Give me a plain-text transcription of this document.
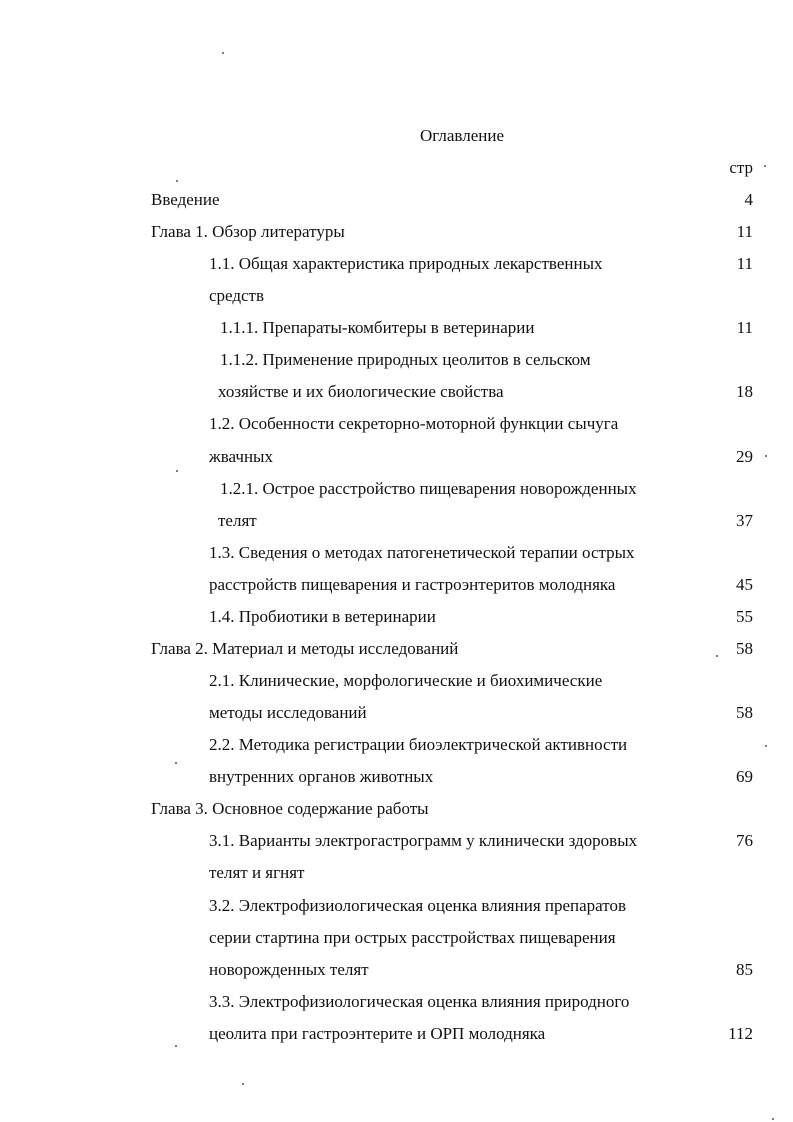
Оглавление
стр
Введение	4
Глава 1. Обзор литературы	11
1.1. Общая характеристика природных лекарственных	11
средств
1.1.1. Препараты-комбитеры в ветеринарии	11
1.1.2. Применение природных цеолитов в сельском
хозяйстве и их биологические свойства	18
1.2. Особенности секреторно-моторной функции сычуга
жвачных	29
1.2.1. Острое расстройство пищеварения новорожденных
телят	37
1.3. Сведения о методах патогенетической терапии острых
расстройств пищеварения и гастроэнтеритов молодняка	45
1.4. Пробиотики в ветеринарии	55
Глава 2. Материал и методы исследований	58
2.1. Клинические, морфологические и биохимические
методы исследований	58
2.2. Методика регистрации биоэлектрической активности
внутренних органов животных	69
Глава 3. Основное содержание работы
3.1. Варианты электрогастрограмм у клинически здоровых	76
телят и ягнят
3.2. Электрофизиологическая оценка влияния препаратов
серии стартина при острых расстройствах пищеварения
новорожденных телят	85
3.3. Электрофизиологическая оценка влияния природного
цеолита при гастроэнтерите и ОРП молодняка	112
